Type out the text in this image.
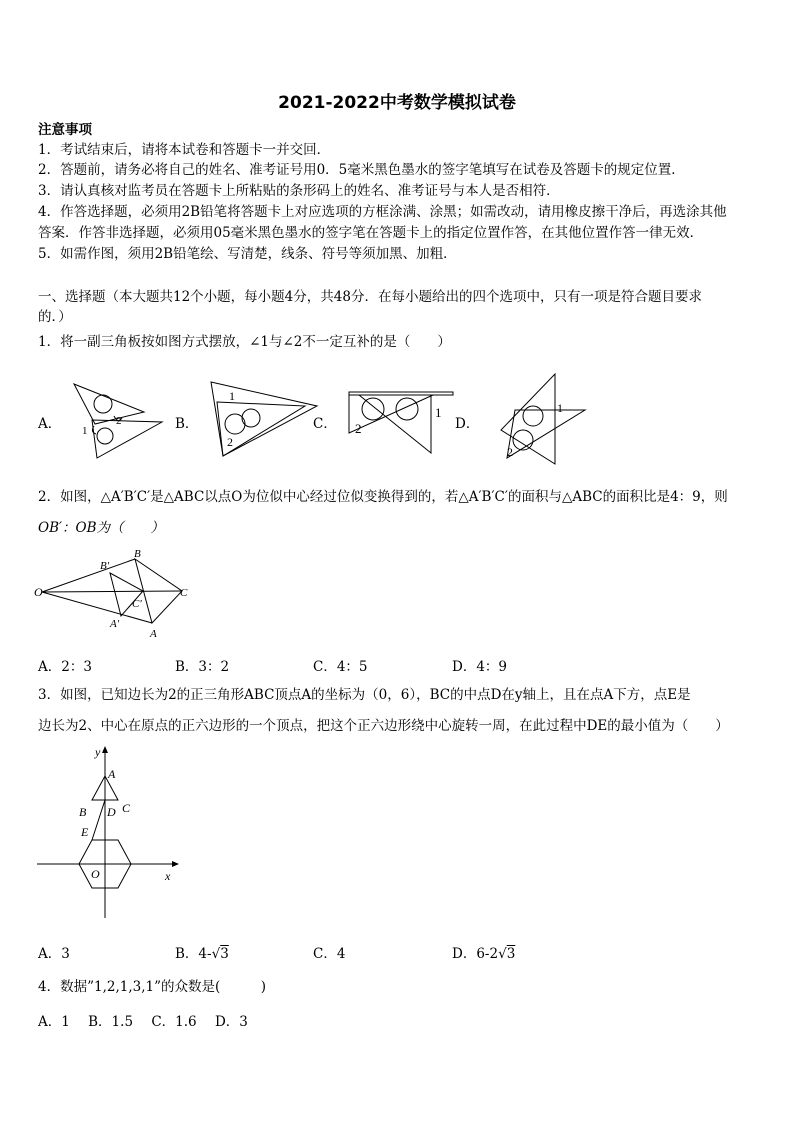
2021-2022中考数学模拟试卷
注意事项
1．考试结束后，请将本试卷和答题卡一并交回．
2．答题前，请务必将自己的姓名、准考证号用0．5毫米黑色墨水的签字笔填写在试卷及答题卡的规定位置．
3．请认真核对监考员在答题卡上所粘贴的条形码上的姓名、准考证号与本人是否相符．
4．作答选择题，必须用2B铅笔将答题卡上对应选项的方框涂满、涂黑；如需改动，请用橡皮擦干净后，再选涂其他
答案．作答非选择题，必须用05毫米黑色墨水的签字笔在答题卡上的指定位置作答，在其他位置作答一律无效．
5．如需作图，须用2B铅笔绘、写清楚，线条、符号等须加黑、加粗．
一、选择题（本大题共12个小题，每小题4分，共48分．在每小题给出的四个选项中，只有一项是符合题目要求
的．）
1．将一副三角板按如图方式摆放，∠1与∠2不一定互补的是（　　）
A． 1
2	B．
1
2
C．
1
2	D．
1
2
2．如图，△A′B′C′是△ABC以点O为位似中心经过位似变换得到的，若△A′B′C′的面积与△ABC的面积比是4：9，则
OB′：OB为（　　）
O
B′
B
C′
C
A′
A
A．2：3	B．3：2	C．4：5	D．4：9
3．如图，已知边长为2的正三角形ABC顶点A的坐标为（0，6），BC的中点D在y轴上，且在点A下方，点E是
边长为2、中心在原点的正六边形的一个顶点，把这个正六边形绕中心旋转一周，在此过程中DE的最小值为（　　）
y
A
B D C
E
O	x
A．3	B．4-√3	C．4	D．6-2√3
4．数据”1,2,1,3,1”的众数是(　　　)
A．1 B．1.5 C．1.6 D．3
